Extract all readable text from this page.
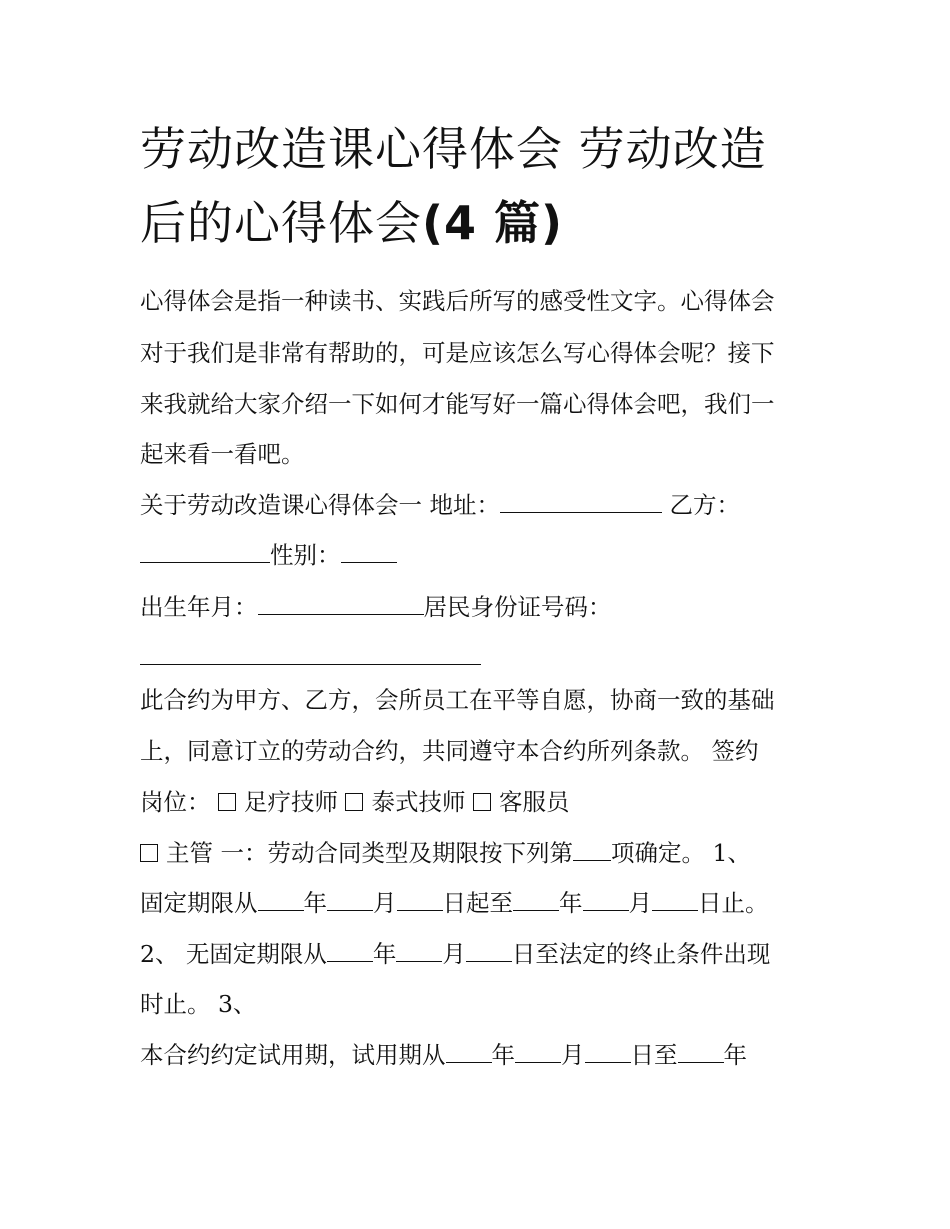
劳动改造课心得体会 劳动改造
后的心得体会(4 篇)
心得体会是指一种读书、实践后所写的感受性文字。心得体会
对于我们是非常有帮助的，可是应该怎么写心得体会呢？接下
来我就给大家介绍一下如何才能写好一篇心得体会吧，我们一
起来看一看吧。
关于劳动改造课心得体会一 地址：	乙方：
性别：
出生年月：	居民身份证号码：
此合约为甲方、乙方，会所员工在平等自愿，协商一致的基础
上，同意订立的劳动合约，共同遵守本合约所列条款。 签约
岗位： 足疗技师 泰式技师 客服员
主管 一：劳动合同类型及期限按下列第 项确定。 1、
固定期限从 年 月 日起至 年 月 日止。
2、 无固定期限从 年 月 日至法定的终止条件出现
时止。 3、
本合约约定试用期，试用期从 年 月 日至 年
